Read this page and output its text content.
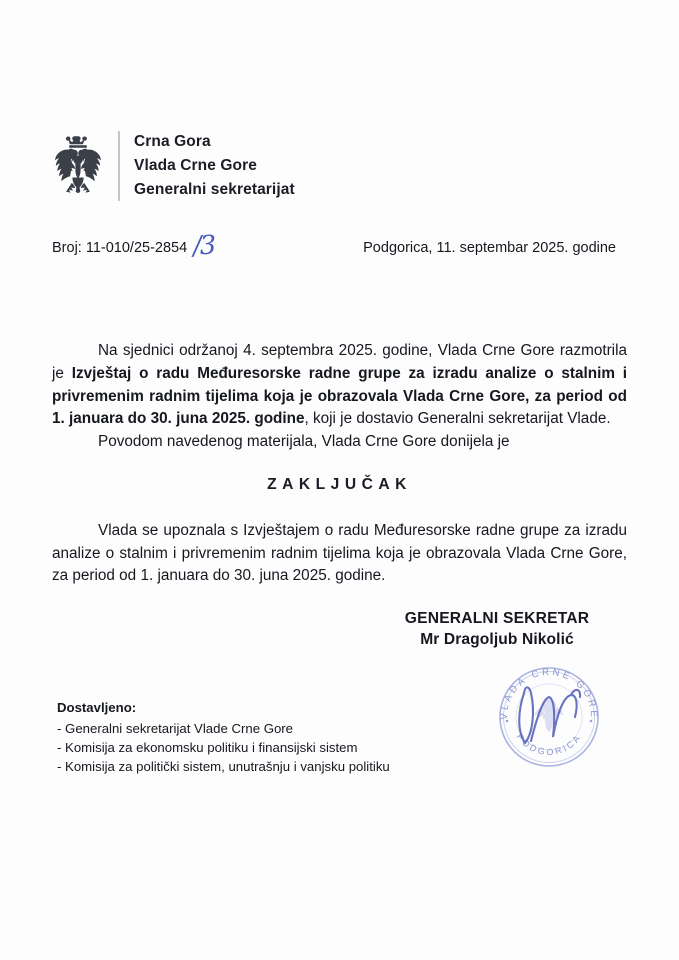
Crna Gora
Vlada Crne Gore
Generalni sekretarijat
Broj: 11-010/25-2854 /3	Podgorica, 11. septembar 2025. godine

Na sjednici održanoj 4. septembra 2025. godine, Vlada Crne Gore razmotrila je Izvještaj o radu Međuresorske radne grupe za izradu analize o stalnim i privremenim radnim tijelima koja je obrazovala Vlada Crne Gore, za period od 1. januara do 30. juna 2025. godine, koji je dostavio Generalni sekretarijat Vlade.

Povodom navedenog materijala, Vlada Crne Gore donijela je

ZAKLJUČAK

Vlada se upoznala s Izvještajem o radu Međuresorske radne grupe za izradu analize o stalnim i privremenim radnim tijelima koja je obrazovala Vlada Crne Gore, za period od 1. januara do 30. juna 2025. godine.

GENERALNI SEKRETAR
Mr Dragoljub Nikolić
VLADA CRNE GORE
PODGORICA
Dostavljeno:
- Generalni sekretarijat Vlade Crne Gore
- Komisija za ekonomsku politiku i finansijski sistem
- Komisija za politički sistem, unutrašnju i vanjsku politiku
